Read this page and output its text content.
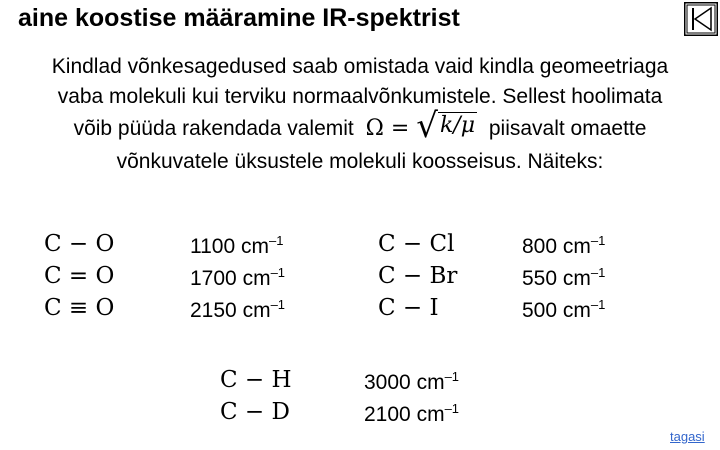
aine koostise määramine IR-spektrist
Kindlad võnkesagedused saab omistada vaid kindla geomeetriaga
vaba molekuli kui terviku normaalvõnkumistele. Sellest hoolimata
võib püüda rakendada valemit Ω = √ k/μ piisavalt omaette
võnkuvatele üksustele molekuli koosseisus. Näiteks:
C − O	1100 $cm^{-1}$
C = O	1700 $cm^{-1}$
C ≡ O	2150 $cm^{-1}$
C − Cl	800 $cm^{-1}$
C − Br	550 $cm^{-1}$
C − I	500 $cm^{-1}$
C − H	3000 $cm^{-1}$
C − D	2100 $cm^{-1}$
tagasi
